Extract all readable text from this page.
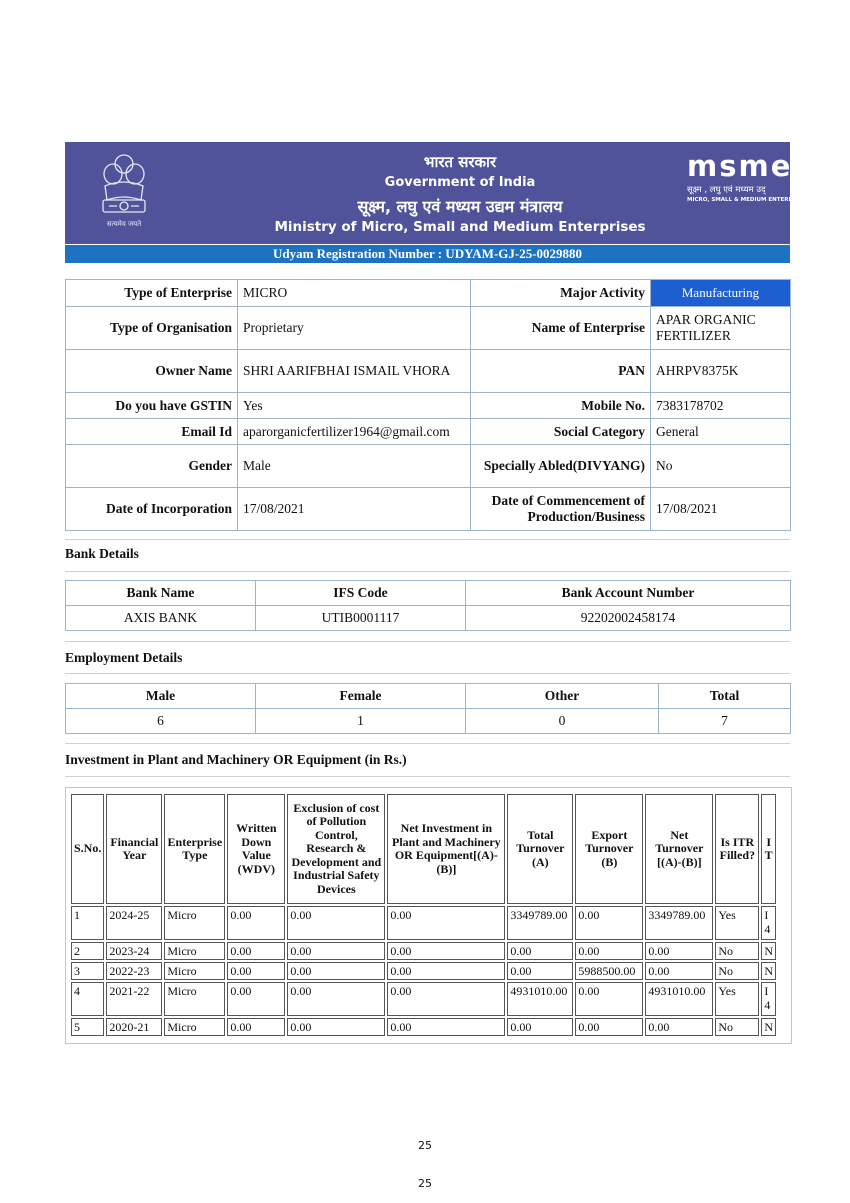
सत्यमेव जयते
भारत सरकार
Government of India
सूक्ष्म, लघु एवं मध्यम उद्यम मंत्रालय
Ministry of Micro, Small and Medium Enterprises
msme
सूक्ष्म , लघु एवं मध्यम उद्
MICRO, SMALL & MEDIUM ENTERPRIS
Udyam Registration Number : UDYAM-GJ-25-0029880
Type of Enterprise	MICRO	Major Activity	Manufacturing
Type of Organisation	Proprietary	Name of Enterprise	APAR ORGANIC FERTILIZER
Owner Name	SHRI AARIFBHAI ISMAIL VHORA	PAN	AHRPV8375K
Do you have GSTIN	Yes	Mobile No.	7383178702
Email Id	aparorganicfertilizer1964@gmail.com	Social Category	General
Gender	Male	Specially Abled(DIVYANG)	No
Date of Incorporation	17/08/2021	Date of Commencement of Production/Business	17/08/2021
Bank Details
Bank Name	IFS Code	Bank Account Number
AXIS BANK	UTIB0001117	92202002458174
Employment Details
Male	Female	Other	Total
6	1	0	7
Investment in Plant and Machinery OR Equipment (in Rs.)
S.No.	Financial Year	Enterprise Type	Written Down Value (WDV)	Exclusion of cost of Pollution Control, Research & Development and Industrial Safety Devices	Net Investment in Plant and Machinery OR Equipment[(A)-(B)]	Total Turnover (A)	Export Turnover (B)	Net Turnover [(A)-(B)]	Is ITR Filled?	I T
1	2024-25	Micro	0.00	0.00	0.00	3349789.00	0.00	3349789.00	Yes	I 4
2	2023-24	Micro	0.00	0.00	0.00	0.00	0.00	0.00	No	N
3	2022-23	Micro	0.00	0.00	0.00	0.00	5988500.00	0.00	No	N
4	2021-22	Micro	0.00	0.00	0.00	4931010.00	0.00	4931010.00	Yes	I 4
5	2020-21	Micro	0.00	0.00	0.00	0.00	0.00	0.00	No	N
25
25
